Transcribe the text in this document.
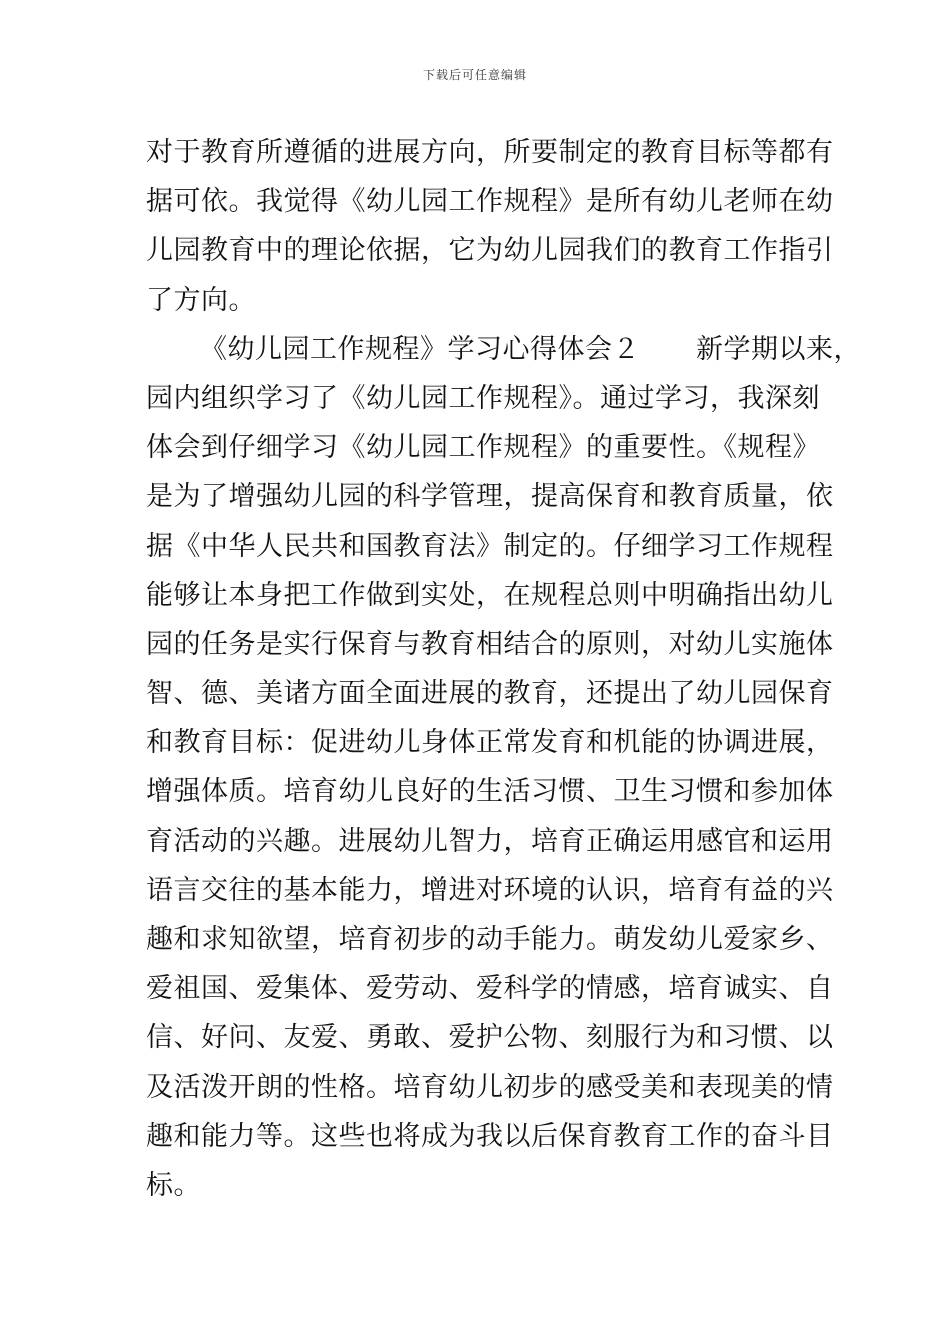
下载后可任意编辑
对于教育所遵循的进展方向，所要制定的教育目标等都有
据可依。我觉得《幼儿园工作规程》是所有幼儿老师在幼
儿园教育中的理论依据，它为幼儿园我们的教育工作指引
了方向。
《幼儿园工作规程》学习心得体会２ 新学期以来，
园内组织学习了《幼儿园工作规程》。通过学习，我深刻
体会到仔细学习《幼儿园工作规程》的重要性。《规程》
是为了增强幼儿园的科学管理，提高保育和教育质量，依
据《中华人民共和国教育法》制定的。仔细学习工作规程
能够让本身把工作做到实处，在规程总则中明确指出幼儿
园的任务是实行保育与教育相结合的原则，对幼儿实施体
智、德、美诸方面全面进展的教育，还提出了幼儿园保育
和教育目标：促进幼儿身体正常发育和机能的协调进展，
增强体质。培育幼儿良好的生活习惯、卫生习惯和参加体
育活动的兴趣。进展幼儿智力，培育正确运用感官和运用
语言交往的基本能力，增进对环境的认识，培育有益的兴
趣和求知欲望，培育初步的动手能力。萌发幼儿爱家乡、
爱祖国、爱集体、爱劳动、爱科学的情感，培育诚实、自
信、好问、友爱、勇敢、爱护公物、刻服行为和习惯、以
及活泼开朗的性格。培育幼儿初步的感受美和表现美的情
趣和能力等。这些也将成为我以后保育教育工作的奋斗目
标。
